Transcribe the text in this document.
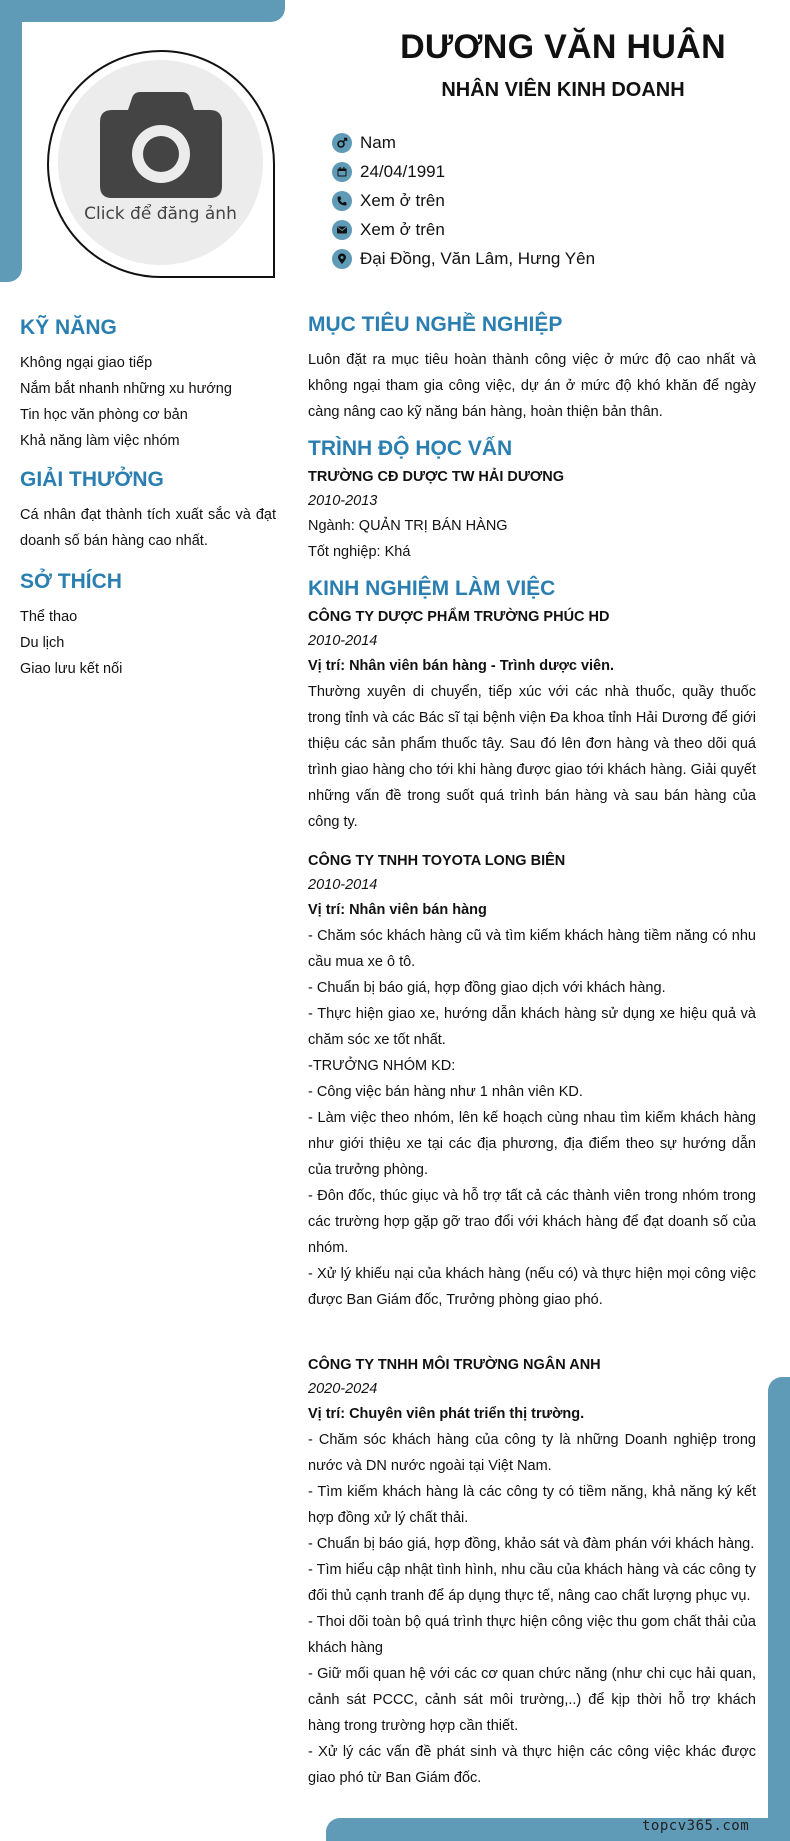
topcv365.com
Click để đăng ảnh
DƯƠNG VĂN HUÂN
NHÂN VIÊN KINH DOANH
Nam
24/04/1991
Xem ở trên
Xem ở trên
Đại Đồng, Văn Lâm, Hưng Yên
KỸ NĂNG
Không ngại giao tiếp
Nắm bắt nhanh những xu hướng
Tin học văn phòng cơ bản
Khả năng làm việc nhóm
GIẢI THƯỞNG
Cá nhân đạt thành tích xuất sắc và đạt doanh số bán hàng cao nhất.
SỞ THÍCH
Thể thao
Du lịch
Giao lưu kết nối
MỤC TIÊU NGHỀ NGHIỆP
Luôn đặt ra mục tiêu hoàn thành công việc ở mức độ cao nhất và không ngại tham gia công việc, dự án ở mức độ khó khăn để ngày càng nâng cao kỹ năng bán hàng, hoàn thiện bản thân.
TRÌNH ĐỘ HỌC VẤN
TRƯỜNG CĐ DƯỢC TW HẢI DƯƠNG
2010-2013
Ngành: QUẢN TRỊ BÁN HÀNG
Tốt nghiệp: Khá
KINH NGHIỆM LÀM VIỆC
CÔNG TY DƯỢC PHẨM TRƯỜNG PHÚC HD
2010-2014
Vị trí: Nhân viên bán hàng - Trình dược viên.
Thường xuyên di chuyển, tiếp xúc với các nhà thuốc, quầy thuốc trong tỉnh và các Bác sĩ tại bệnh viện Đa khoa tỉnh Hải Dương để giới thiệu các sản phẩm thuốc tây. Sau đó lên đơn hàng và theo dõi quá trình giao hàng cho tới khi hàng được giao tới khách hàng. Giải quyết những vấn đề trong suốt quá trình bán hàng và sau bán hàng của công ty.
CÔNG TY TNHH TOYOTA LONG BIÊN
2010-2014
Vị trí: Nhân viên bán hàng
- Chăm sóc khách hàng cũ và tìm kiếm khách hàng tiềm năng có nhu cầu mua xe ô tô.
- Chuẩn bị báo giá, hợp đồng giao dịch với khách hàng.
- Thực hiện giao xe, hướng dẫn khách hàng sử dụng xe hiệu quả và chăm sóc xe tốt nhất.
-TRƯỞNG NHÓM KD:
- Công việc bán hàng như 1 nhân viên KD.
- Làm việc theo nhóm, lên kế hoạch cùng nhau tìm kiếm khách hàng như giới thiệu xe tại các địa phương, địa điểm theo sự hướng dẫn của trưởng phòng.
- Đôn đốc, thúc giục và hỗ trợ tất cả các thành viên trong nhóm trong các trường hợp gặp gỡ trao đổi với khách hàng để đạt doanh số của nhóm.
- Xử lý khiếu nại của khách hàng (nếu có) và thực hiện mọi công việc được Ban Giám đốc, Trưởng phòng giao phó.
CÔNG TY TNHH MÔI TRƯỜNG NGÂN ANH
2020-2024
Vị trí: Chuyên viên phát triển thị trường.
- Chăm sóc khách hàng của công ty là những Doanh nghiệp trong nước và DN nước ngoài tại Việt Nam.
- Tìm kiếm khách hàng là các công ty có tiềm năng, khả năng ký kết hợp đồng xử lý chất thải.
- Chuẩn bị báo giá, hợp đồng, khảo sát và đàm phán với khách hàng.
- Tìm hiểu cập nhật tình hình, nhu cầu của khách hàng và các công ty đối thủ cạnh tranh để áp dụng thực tế, nâng cao chất lượng phục vụ.
- Thoi dõi toàn bộ quá trình thực hiện công việc thu gom chất thải của khách hàng
- Giữ mối quan hệ với các cơ quan chức năng (như chi cục hải quan, cảnh sát PCCC, cảnh sát môi trường,..) để kịp thời hỗ trợ khách hàng trong trường hợp cần thiết.
- Xử lý các vấn đề phát sinh và thực hiện các công việc khác được giao phó từ Ban Giám đốc.
